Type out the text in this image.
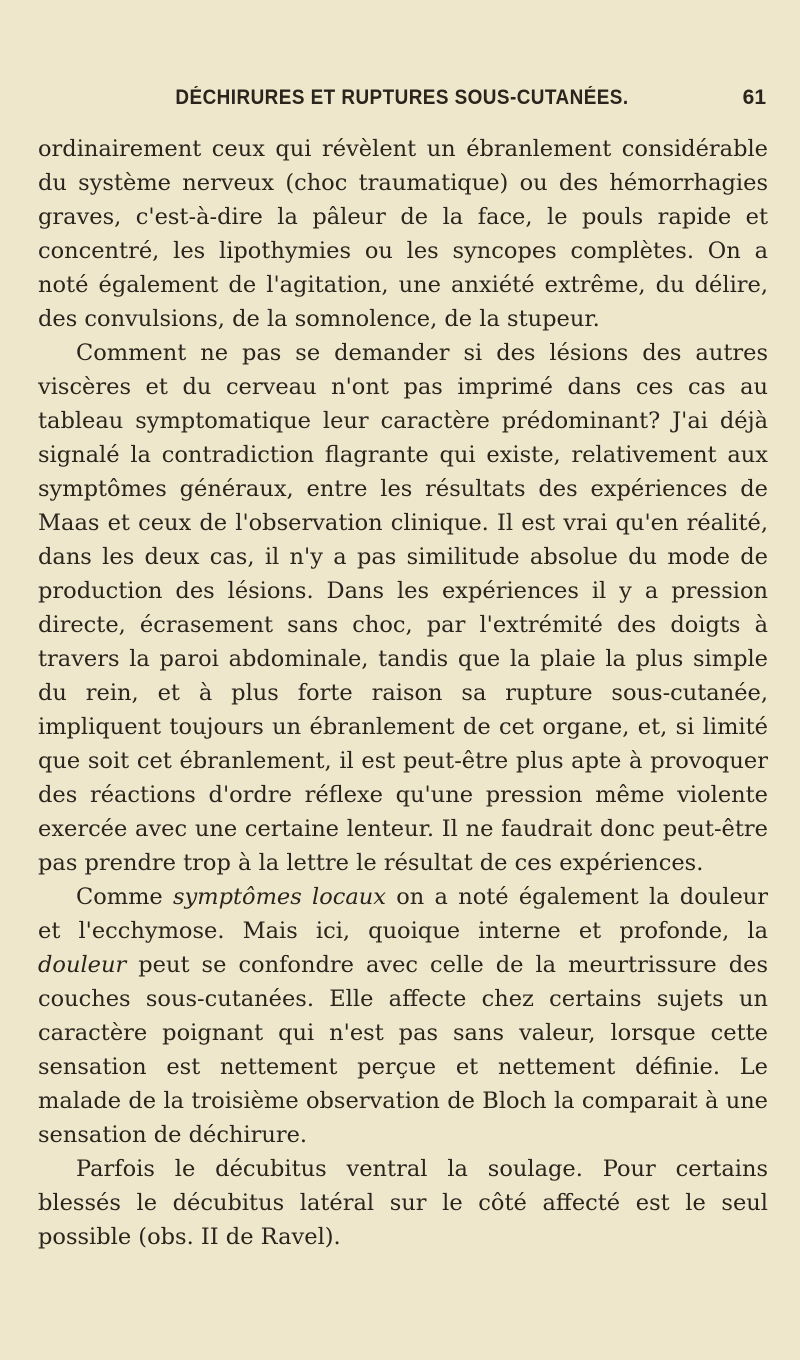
DÉCHIRURES ET RUPTURES SOUS-CUTANÉES.	61

ordinairement ceux qui révèlent un ébranlement considérable du système nerveux (choc traumatique) ou des hémorrhagies graves, c'est-à-dire la pâleur de la face, le pouls rapide et concentré, les lipothymies ou les syncopes complètes. On a noté également de l'agitation, une anxiété extrême, du délire, des convulsions, de la somnolence, de la stupeur.

Comment ne pas se demander si des lésions des autres viscères et du cerveau n'ont pas imprimé dans ces cas au tableau symptomatique leur caractère prédominant? J'ai déjà signalé la contradiction flagrante qui existe, relativement aux symptômes généraux, entre les résultats des expériences de Maas et ceux de l'observation clinique. Il est vrai qu'en réalité, dans les deux cas, il n'y a pas similitude absolue du mode de production des lésions. Dans les expériences il y a pression directe, écrasement sans choc, par l'extrémité des doigts à travers la paroi abdominale, tandis que la plaie la plus simple du rein, et à plus forte raison sa rupture sous-cutanée, impliquent toujours un ébranlement de cet organe, et, si limité que soit cet ébranlement, il est peut-être plus apte à provoquer des réactions d'ordre réflexe qu'une pression même violente exercée avec une certaine lenteur. Il ne faudrait donc peut-être pas prendre trop à la lettre le résultat de ces expériences.

Comme symptômes locaux on a noté également la douleur et l'ecchymose. Mais ici, quoique interne et profonde, la douleur peut se confondre avec celle de la meurtrissure des couches sous-cutanées. Elle affecte chez certains sujets un caractère poignant qui n'est pas sans valeur, lorsque cette sensation est nettement perçue et nettement définie. Le malade de la troisième observation de Bloch la comparait à une sensation de déchirure.

Parfois le décubitus ventral la soulage. Pour certains blessés le décubitus latéral sur le côté affecté est le seul possible (obs. II de Ravel).
